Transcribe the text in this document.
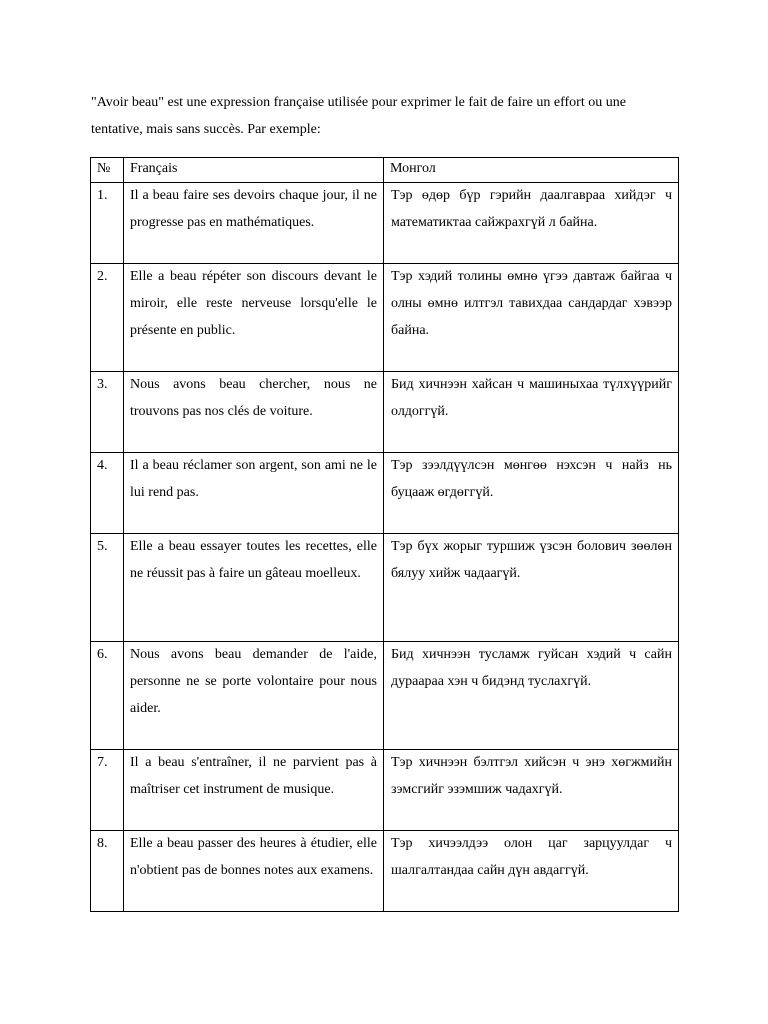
"Avoir beau" est une expression française utilisée pour exprimer le fait de faire un effort ou une tentative, mais sans succès. Par exemple:

№	Français	Монгол
1.	Il a beau faire ses devoirs chaque jour, il ne progresse pas en mathématiques.	Тэр өдөр бүр гэрийн даалгавраа хийдэг ч математиктаа сайжрахгүй л байна.
2.	Elle a beau répéter son discours devant le miroir, elle reste nerveuse lorsqu'elle le présente en public.	Тэр хэдий толины өмнө үгээ давтаж байгаа ч олны өмнө илтгэл тавихдаа сандардаг хэвээр байна.
3.	Nous avons beau chercher, nous ne trouvons pas nos clés de voiture.	Бид хичнээн хайсан ч машиныхаа түлхүүрийг олдоггүй.
4.	Il a beau réclamer son argent, son ami ne le lui rend pas.	Тэр зээлдүүлсэн мөнгөө нэхсэн ч найз нь буцааж өгдөггүй.
5.	Elle a beau essayer toutes les recettes, elle ne réussit pas à faire un gâteau moelleux.	Тэр бүх жорыг туршиж үзсэн болович зөөлөн бялуу хийж чадаагүй.
6.	Nous avons beau demander de l'aide, personne ne se porte volontaire pour nous aider.	Бид хичнээн тусламж гуйсан хэдий ч сайн дураараа хэн ч бидэнд туслахгүй.
7.	Il a beau s'entraîner, il ne parvient pas à maîtriser cet instrument de musique.	Тэр хичнээн бэлтгэл хийсэн ч энэ хөгжмийн зэмсгийг эзэмшиж чадахгүй.
8.	Elle a beau passer des heures à étudier, elle n'obtient pas de bonnes notes aux examens.	Тэр хичээлдээ олон цаг зарцуулдаг ч шалгалтандаа сайн дүн авдаггүй.
